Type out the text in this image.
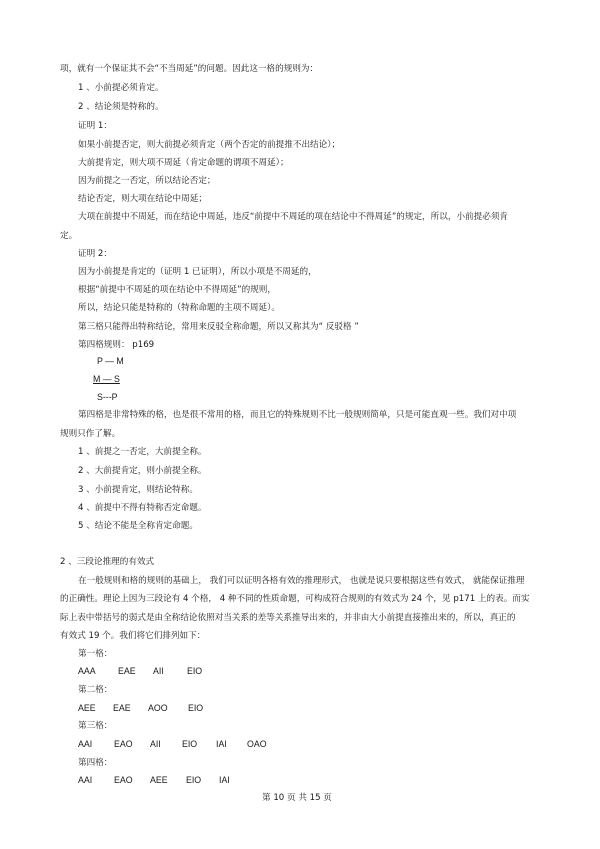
项，就有一个保证其不会“不当周延”的问题。因此这一格的规则为：
1 、小前提必须肯定。
2 、结论须是特称的。
证明 1：
如果小前提否定，则大前提必须肯定（两个否定的前提推不出结论）；
大前提肯定，则大项不周延（肯定命题的谓项不周延）；
因为前提之一否定，所以结论否定；
结论否定，则大项在结论中周延；
大项在前提中不周延，而在结论中周延，违反“前提中不周延的项在结论中不得周延”的规定，所以，小前提必须肯
定。
证明 2：
因为小前提是肯定的（证明 1 已证明），所以小项是不周延的，
根据“前提中不周延的项在结论中不得周延”的规则，
所以，结论只能是特称的（特称命题的主项不周延）。
第三格只能得出特称结论，常用来反驳全称命题，所以又称其为“ 反驳格 ”
第四格规则： p169
P — M
M — S
S---P
第四格是非常特殊的格，也是很不常用的格，而且它的特殊规则不比一般规则简单，只是可能直观一些。我们对中项
规则只作了解。
1 、前提之一否定，大前提全称。
2 、大前提肯定，则小前提全称。
3 、小前提肯定，则结论特称。
4 、前提中不得有特称否定命题。
5 、结论不能是全称肯定命题。
2 、三段论推理的有效式
在一般规则和格的规则的基础上， 我们可以证明各格有效的推理形式， 也就是说只要根据这些有效式， 就能保证推理
的正确性。理论上因为三段论有 4 个格， 4 种不同的性质命题，可构成符合规则的有效式为 24 个，见 p171 上的表。而实
际上表中带括号的弱式是由全称结论依照对当关系的差等关系推导出来的，并非由大小前提直接推出来的，所以，真正的
有效式 19 个。我们将它们排列如下：
第一格：
AAA	EAE AII	EIO
第二格：
AEE EAE AOO EIO
第三格：
AAI EAO AII EIO IAI OAO
第四格：
AAI EAO AEE EIO IAI
第 10 页 共 15 页
